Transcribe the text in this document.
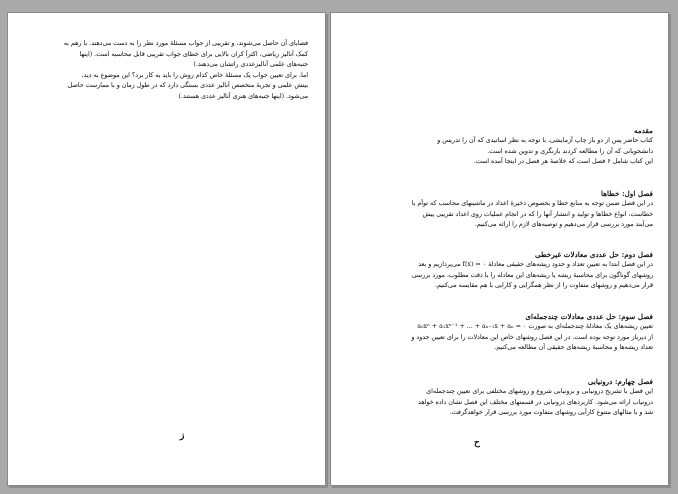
فضایای آن حاصل می‌شوند، و تقریبی از جواب مسئلهٔ مورد نظر را به دست می‌دهند. با رهم به
کمک آنالیز ریاضی، اکثراً کران بالایی برای خطای جواب تقریبی قابل محاسبه است. (اینها
جنبه‌های علمی آنالیزعددی راتشان می‌دهند.)
اما، برای تعیین جواب یک مسئلهٔ خاص کدام روش را باید به کار برد؟ این موضوع به دید،
بینش علمی و تجربهٔ متخصص آنالیز عددی بستگی دارد که در طول زمان و با ممارست حاصل
می‌شود. (اینها جنبه‌های هنری آنالیز عددی هستند.)
ز
مقدمه
کتاب حاضر پس از دو بار چاپ آزمایشی، با توجه به نظر اساتیدی که آن را تدریس و
دانشجویانی که آن را مطالعه کردند بازنگری و تدوین شده است.
این کتاب شامل ۶ فصل است که خلاصهٔ هر فصل در اینجا آمده است.
فصل اول: خطاها
در این فصل ضمن توجه به منابع خطا و بخصوص ذخیرهٔ اعداد در ماشینهای محاسب که توأم با
خطاست، انواع خطاها و تولید و انتشار آنها را که در انجام عملیات روی اعداد تقریبی پیش
می‌آیند مورد بررسی قرار می‌دهیم و توصیه‌های لازم را ارائه می‌کنیم.
فصل دوم: حل عددی معادلات غیرخطی
در این فصل ابتدا به تعیین تعداد و حدود ریشه‌های حقیقی معادلهٔ f(x) = ۰ می‌پردازیم و بعد
روشهای گوناگون برای محاسبهٔ ریشه یا ریشه‌های این معادله را با دقت مطلوب، مورد بررسی
قرار می‌دهیم و روشهای متفاوت را از نظر همگرایی و کارایی با هم مقایسه می‌کنیم.
فصل سوم: حل عددی معادلات چندجمله‌ای
تعیین ریشه‌های یک معادلهٔ چندجمله‌ای به صورت a₀xⁿ + a₁xⁿ⁻¹ + ... + aₙ₋₁x + aₙ = ۰
از دیرباز مورد توجه بوده است. در این فصل روشهای خاص این معادلات را برای تعیین حدود و
تعداد ریشه‌ها و محاسبهٔ ریشه‌های حقیقی آن مطالعه می‌کنیم.
فصل چهارم: درونیابی
این فصل با تشریح درونیابی و برونیابی شروع و روشهای مختلفی برای تعیین چندجمله‌ای
درونیاب ارائه می‌شود. کاربردهای درونیابی در قسمتهای مختلف این فصل نشان داده خواهد
شد و با مثالهای متنوع کارآیی روشهای متفاوت مورد بررسی قرار خواهدگرفت.
ح
